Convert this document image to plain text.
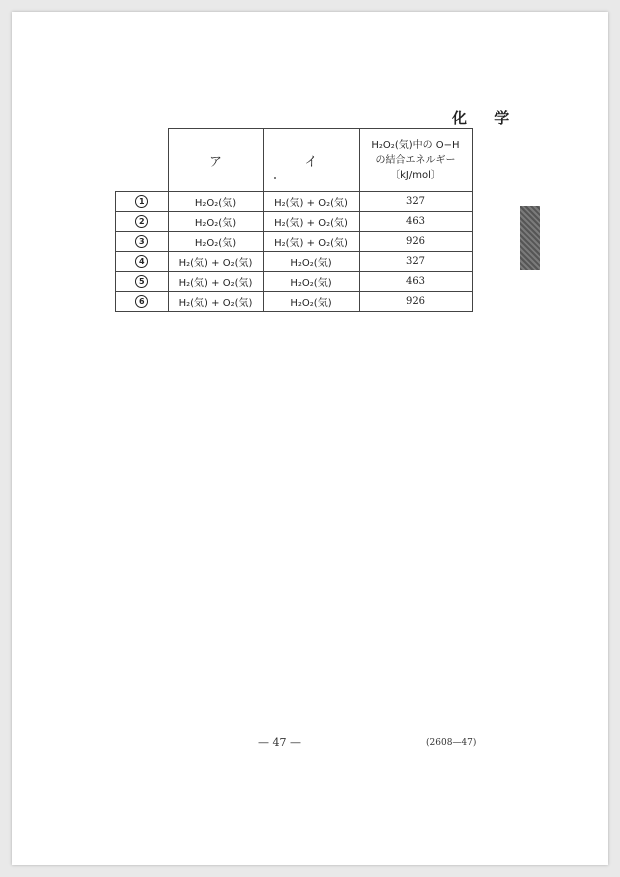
化 学
	ア	イ	H₂O₂(気)中の O−H
の結合エネルギー
〔kJ/mol〕

1	H₂O₂(気)	H₂(気) + O₂(気)	327
2	H₂O₂(気)	H₂(気) + O₂(気)	463
3	H₂O₂(気)	H₂(気) + O₂(気)	926
4	H₂(気) + O₂(気)	H₂O₂(気)	327
5	H₂(気) + O₂(気)	H₂O₂(気)	463
6	H₂(気) + O₂(気)	H₂O₂(気)	926
— 47 —	(2608—47)
